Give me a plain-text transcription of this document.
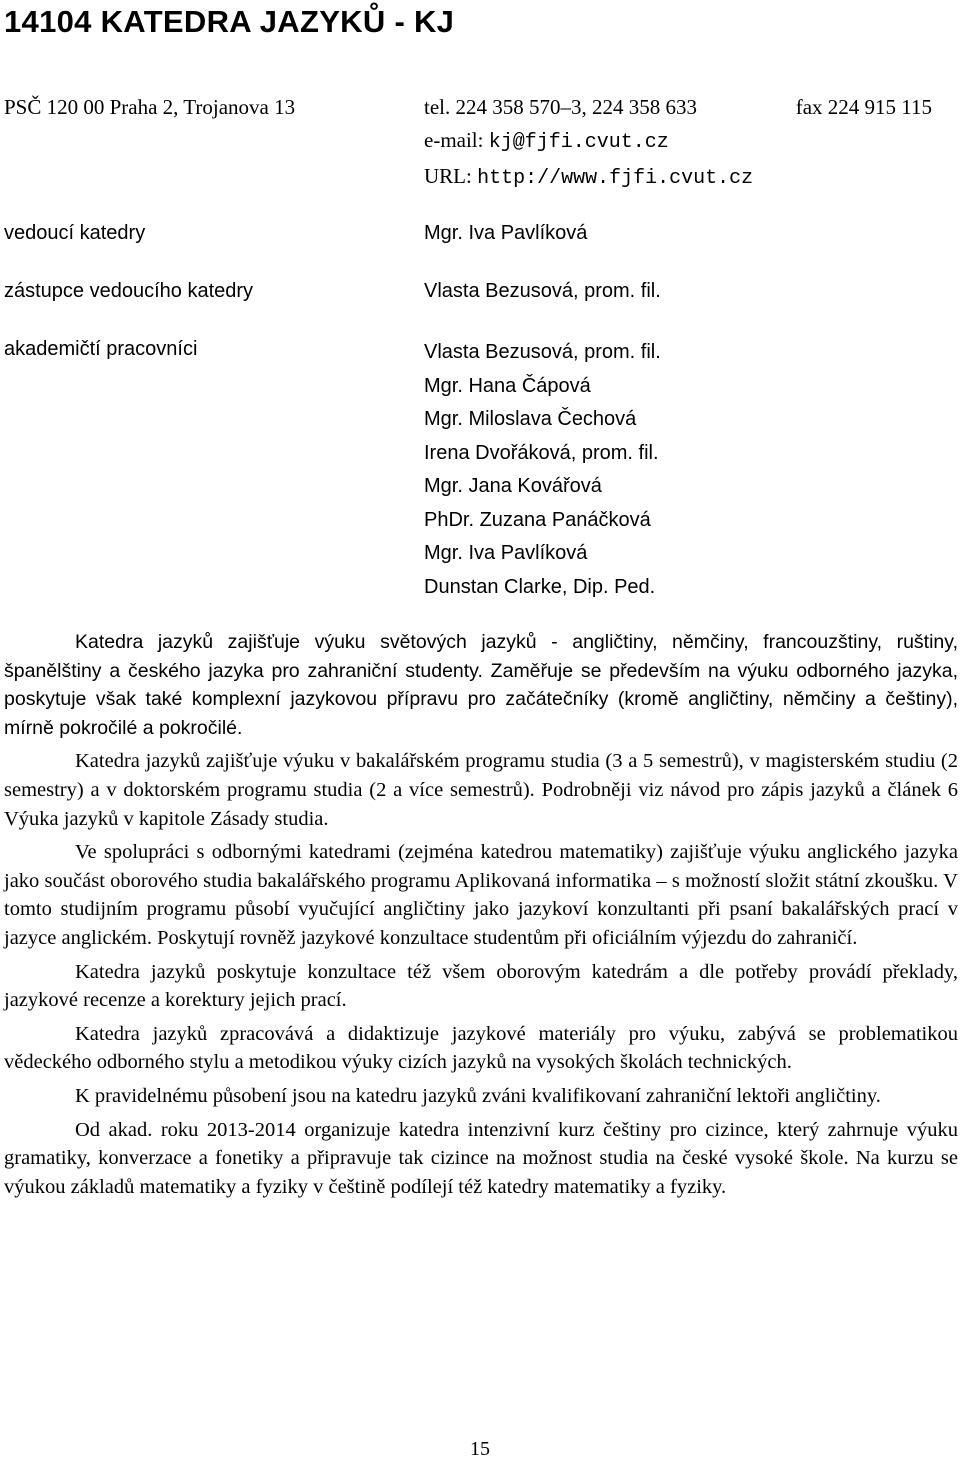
14104 KATEDRA JAZYKŮ - KJ
PSČ 120 00 Praha 2, Trojanova 13	tel. 224 358 570–3, 224 358 633	fax 224 915 115
e-mail: kj@fjfi.cvut.cz
URL: http://www.fjfi.cvut.cz
vedoucí katedry	Mgr. Iva Pavlíková
zástupce vedoucího katedry	Vlasta Bezusová, prom. fil.
akademičtí pracovníci	Vlasta Bezusová, prom. fil.
Mgr. Hana Čápová
Mgr. Miloslava Čechová
Irena Dvořáková, prom. fil.
Mgr. Jana Kovářová
PhDr. Zuzana Panáčková
Mgr. Iva Pavlíková
Dunstan Clarke, Dip. Ped.

Katedra jazyků zajišťuje výuku světových jazyků - angličtiny, němčiny, francouzštiny, ruštiny, španělštiny a českého jazyka pro zahraniční studenty. Zaměřuje se především na výuku odborného jazyka, poskytuje však také komplexní jazykovou přípravu pro začátečníky (kromě angličtiny, němčiny a češtiny), mírně pokročilé a pokročilé.

Katedra jazyků zajišťuje výuku v bakalářském programu studia (3 a 5 semestrů), v magisterském studiu (2 semestry) a v doktorském programu studia (2 a více semestrů). Podrobněji viz návod pro zápis jazyků a článek 6 Výuka jazyků v kapitole Zásady studia.

Ve spolupráci s odbornými katedrami (zejména katedrou matematiky) zajišťuje výuku anglického jazyka jako součást oborového studia bakalářského programu Aplikovaná informatika – s možností složit státní zkoušku. V tomto studijním programu působí vyučující angličtiny jako jazykoví konzultanti při psaní bakalářských prací v jazyce anglickém. Poskytují rovněž jazykové konzultace studentům při oficiálním výjezdu do zahraničí.

Katedra jazyků poskytuje konzultace též všem oborovým katedrám a dle potřeby provádí překlady, jazykové recenze a korektury jejich prací.

Katedra jazyků zpracovává a didaktizuje jazykové materiály pro výuku, zabývá se problematikou vědeckého odborného stylu a metodikou výuky cizích jazyků na vysokých školách technických.

K pravidelnému působení jsou na katedru jazyků zváni kvalifikovaní zahraniční lektoři angličtiny.

Od akad. roku 2013-2014 organizuje katedra intenzivní kurz češtiny pro cizince, který zahrnuje výuku gramatiky, konverzace a fonetiky a připravuje tak cizince na možnost studia na české vysoké škole. Na kurzu se výukou základů matematiky a fyziky v češtině podílejí též katedry matematiky a fyziky.

15
